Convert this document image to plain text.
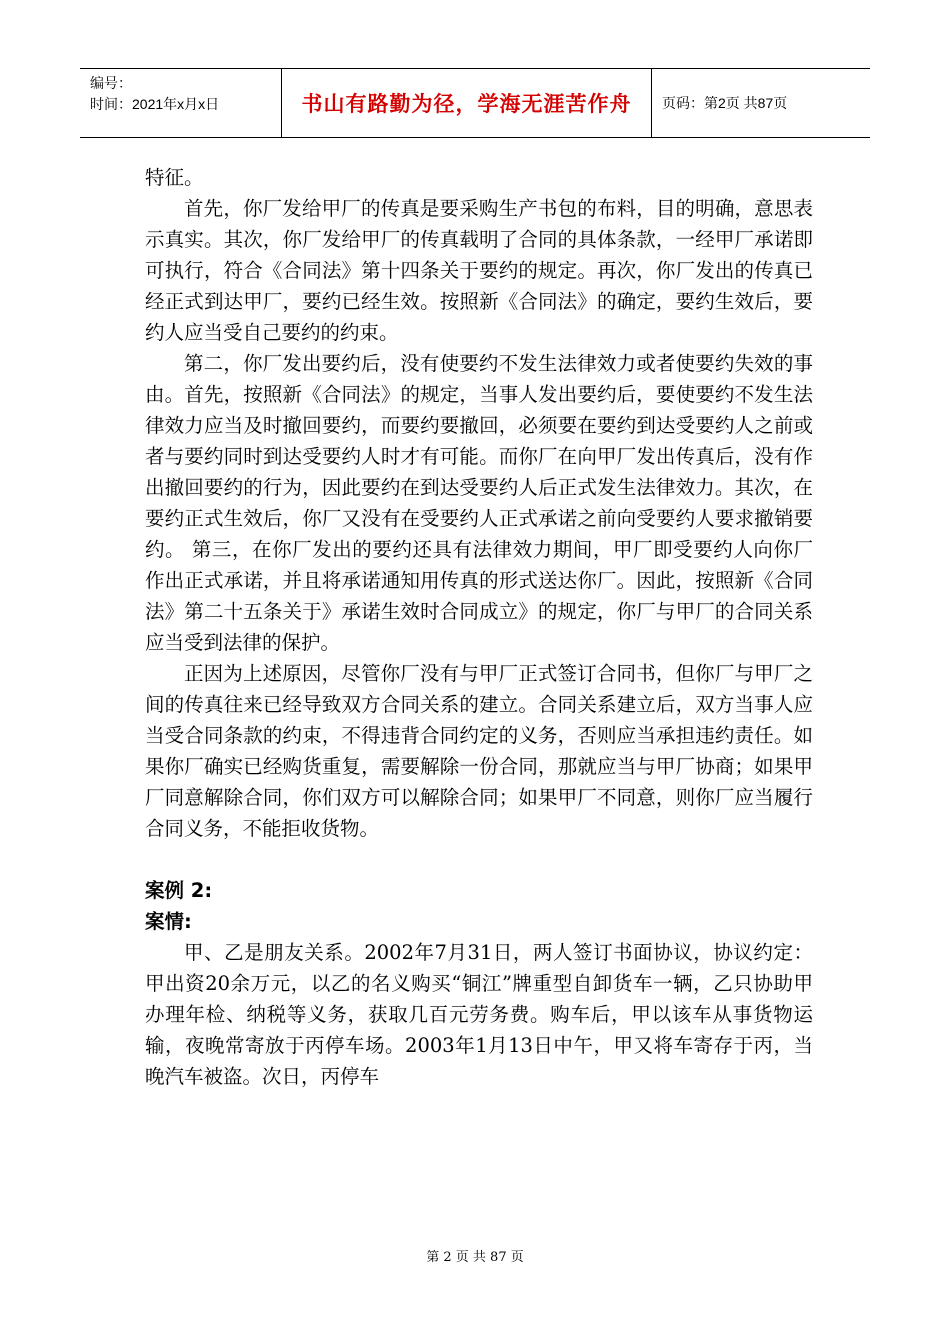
编号：
时间：2021年x月x日	书山有路勤为径，学海无涯苦作舟	页码：第2页 共87页

特征。

首先，你厂发给甲厂的传真是要采购生产书包的布料，目的明确，意思表示真实。其次，你厂发给甲厂的传真载明了合同的具体条款，一经甲厂承诺即可执行，符合《合同法》第十四条关于要约的规定。再次，你厂发出的传真已经正式到达甲厂，要约已经生效。按照新《合同法》的确定，要约生效后，要约人应当受自己要约的约束。

第二，你厂发出要约后，没有使要约不发生法律效力或者使要约失效的事由。首先，按照新《合同法》的规定，当事人发出要约后，要使要约不发生法律效力应当及时撤回要约，而要约要撤回，必须要在要约到达受要约人之前或者与要约同时到达受要约人时才有可能。而你厂在向甲厂发出传真后，没有作出撤回要约的行为，因此要约在到达受要约人后正式发生法律效力。其次，在要约正式生效后，你厂又没有在受要约人正式承诺之前向受要约人要求撤销要约。 第三，在你厂发出的要约还具有法律效力期间，甲厂即受要约人向你厂作出正式承诺，并且将承诺通知用传真的形式送达你厂。因此，按照新《合同法》第二十五条关于》承诺生效时合同成立》的规定，你厂与甲厂的合同关系应当受到法律的保护。

正因为上述原因，尽管你厂没有与甲厂正式签订合同书，但你厂与甲厂之间的传真往来已经导致双方合同关系的建立。合同关系建立后，双方当事人应当受合同条款的约束，不得违背合同约定的义务，否则应当承担违约责任。如果你厂确实已经购货重复，需要解除一份合同，那就应当与甲厂协商；如果甲厂同意解除合同，你们双方可以解除合同；如果甲厂不同意，则你厂应当履行合同义务，不能拒收货物。

案例 2:

案情:

甲、乙是朋友关系。2002年7月31日，两人签订书面协议，协议约定：甲出资20余万元，以乙的名义购买“铜江”牌重型自卸货车一辆，乙只协助甲办理年检、纳税等义务，获取几百元劳务费。购车后，甲以该车从事货物运输，夜晚常寄放于丙停车场。2003年1月13日中午，甲又将车寄存于丙，当晚汽车被盗。次日，丙停车

第 2 页 共 87 页
